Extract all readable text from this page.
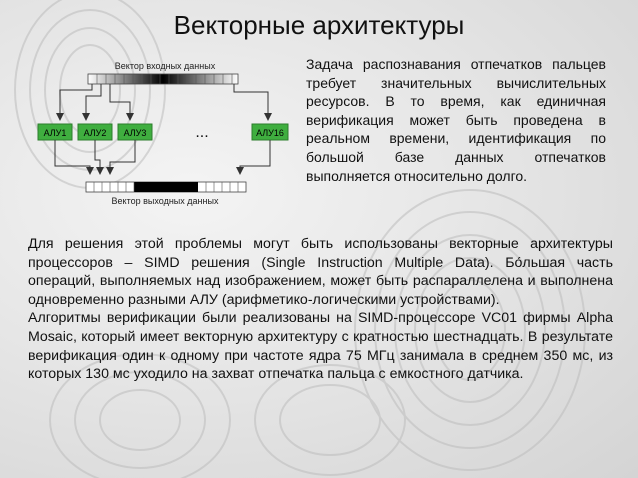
Векторные архитектуры
Вектор входных данных
АЛУ1 АЛУ2 АЛУ3	...	АЛУ16
Вектор выходных данных
Задача распознавания отпечатков пальцев требует значительных вычислительных ресурсов. В то время, как единичная верификация может быть проведена в реальном времени, идентификация по большой базе данных отпечатков выполняется относительно долго.

Для решения этой проблемы могут быть использованы векторные архитектуры процессоров – SIMD решения (Single Instruction Multiple Data). Бо́льшая часть операций, выполняемых над изображением, может быть распараллелена и выполнена одновременно разными АЛУ (арифметико-логическими устройствами).

Алгоритмы верификации были реализованы на SIMD-процессоре VC01 фирмы Alpha Mosaic, который имеет векторную архитектуру с кратностью шестнадцать. В результате верификация один к одному при частоте ядра 75 МГц занимала в среднем 350 мс, из которых 130 мс уходило на захват отпечатка пальца с емкостного датчика.
